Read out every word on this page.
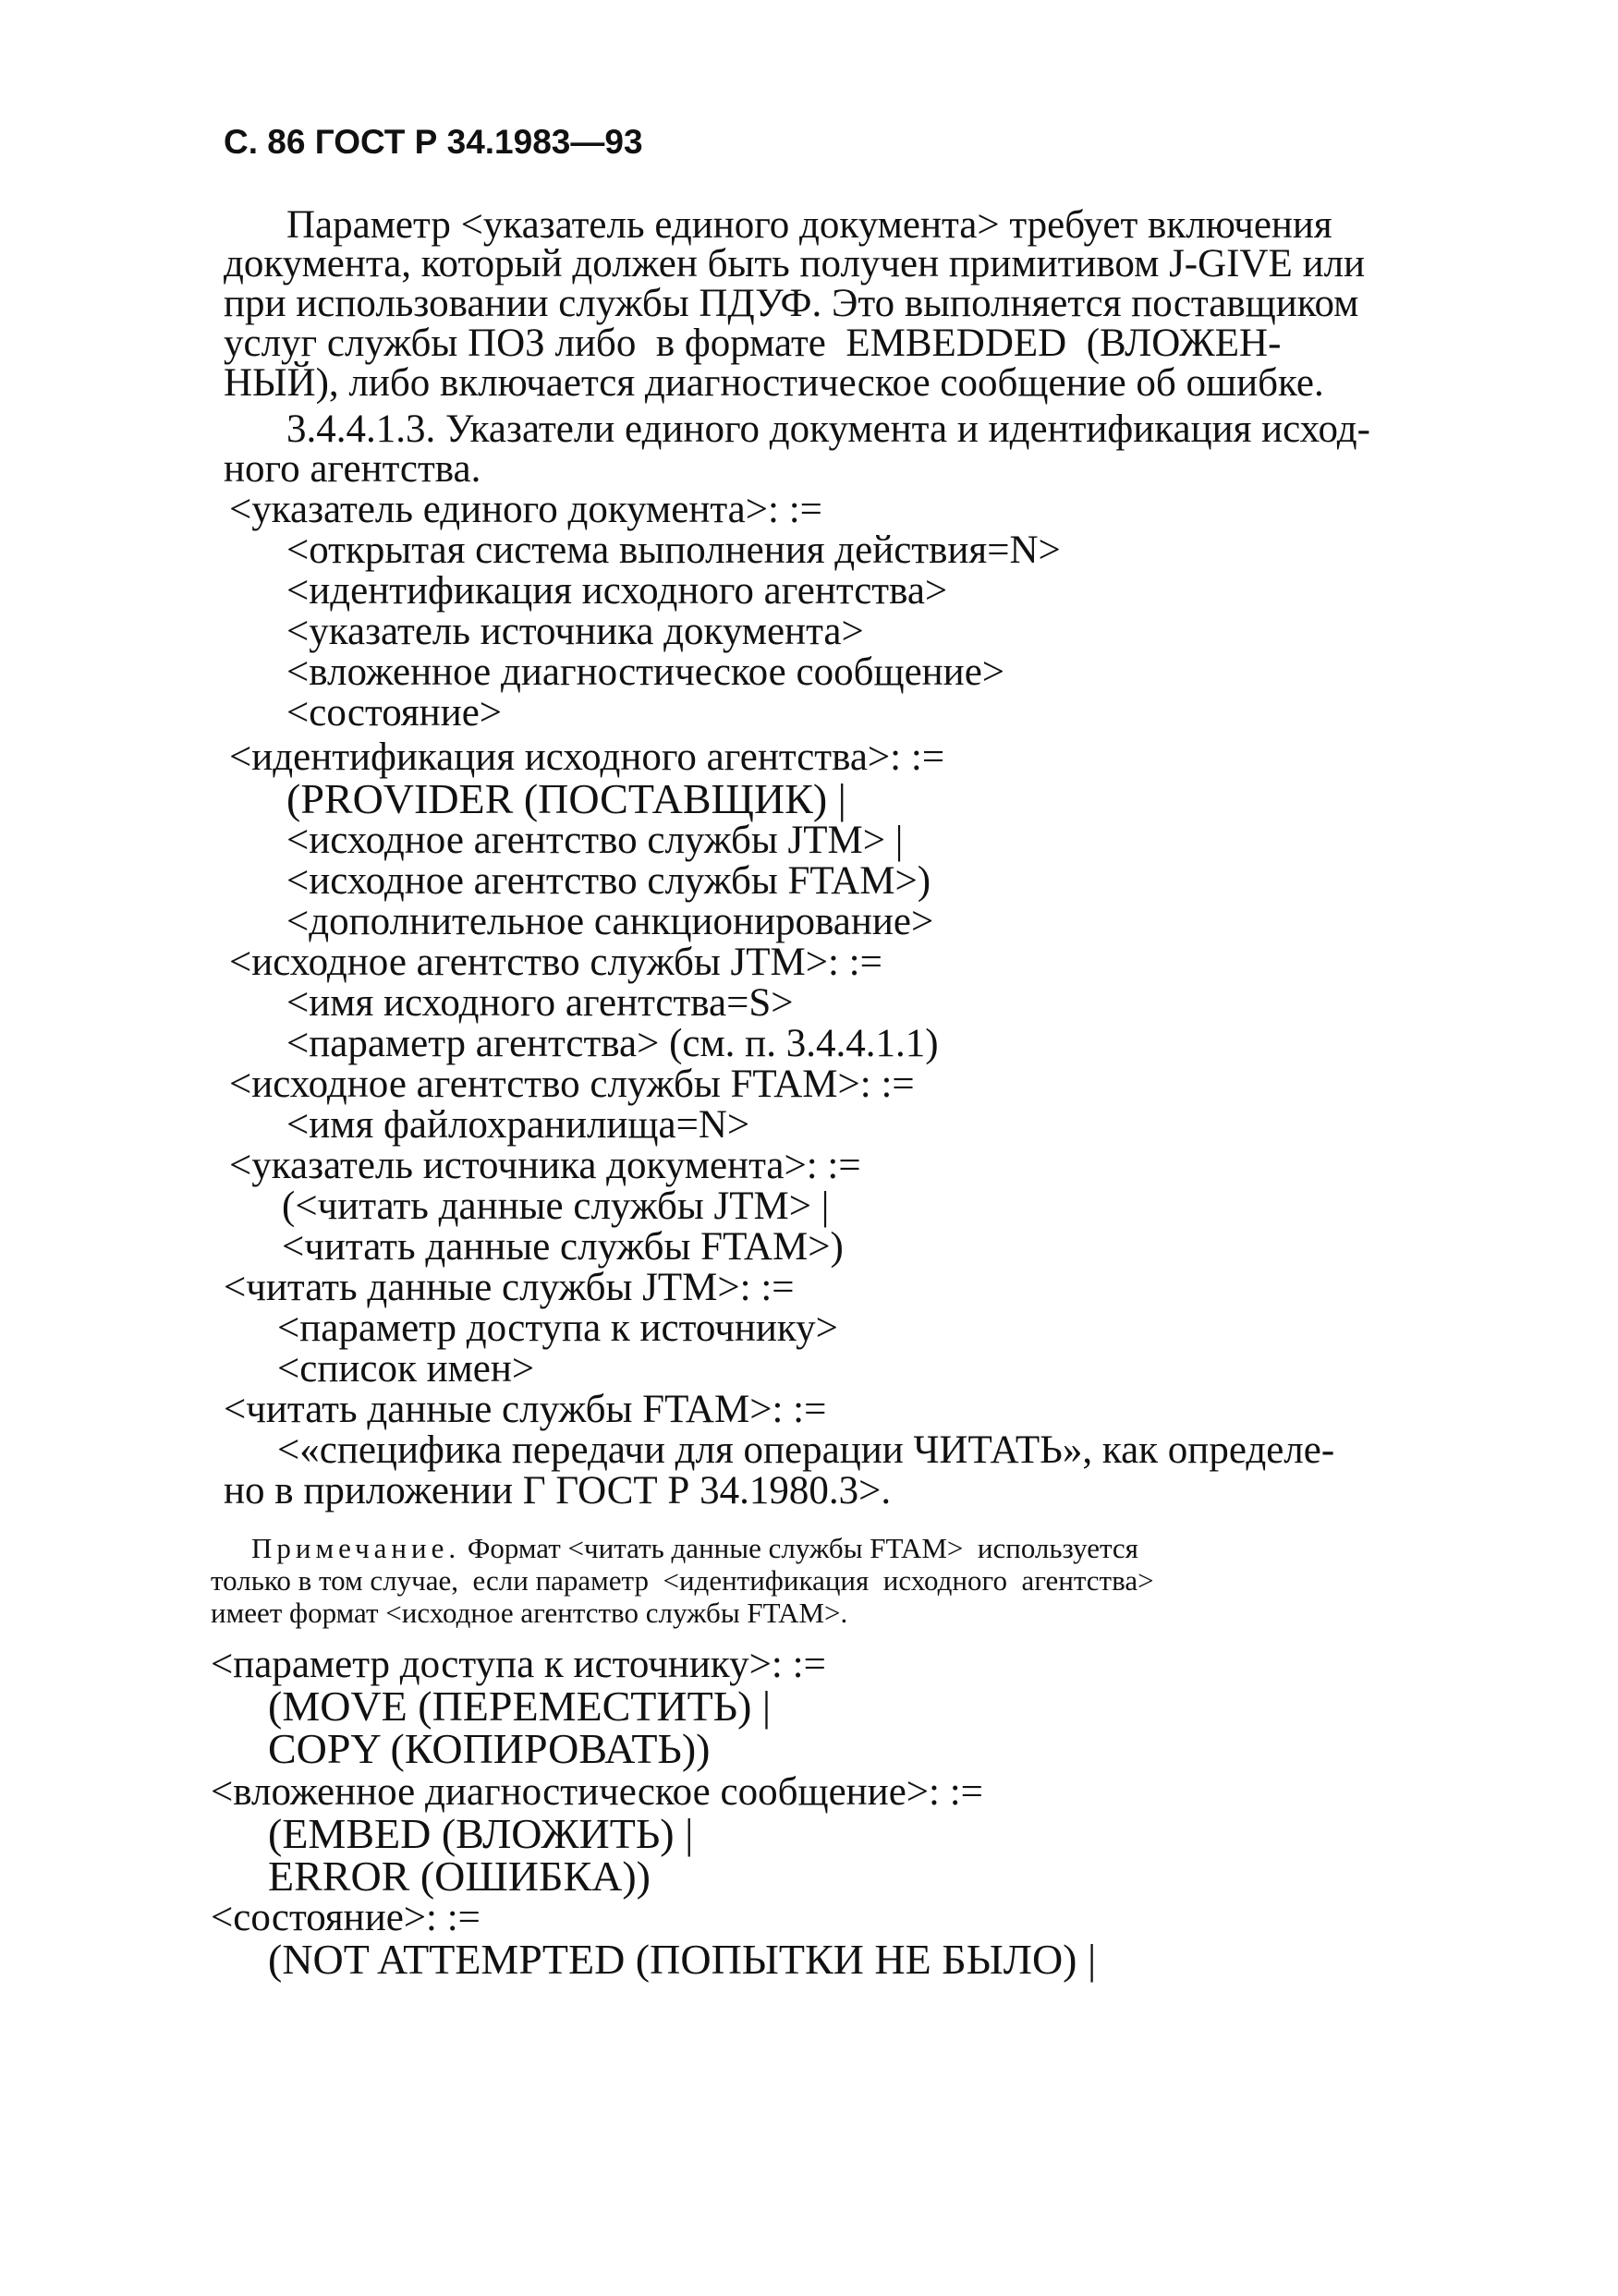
С. 86 ГОСТ Р 34.1983—93
Параметр <указатель единого документа> требует включения
документа, который должен быть получен примитивом J-GIVE или
при использовании службы ПДУФ. Это выполняется поставщиком
услуг службы ПОЗ либо  в формате  EMBEDDED  (ВЛОЖЕН-
НЫЙ), либо включается диагностическое сообщение об ошибке.
3.4.4.1.3. Указатели единого документа и идентификация исход-
ного агентства.
<указатель единого документа>: :=
<открытая система выполнения действия=N>
<идентификация исходного агентства>
<указатель источника документа>
<вложенное диагностическое сообщение>
<состояние>
<идентификация исходного агентства>: :=
(PROVIDER (ПОСТАВЩИК) |
<исходное агентство службы JTM> |
<исходное агентство службы FTAM>)
<дополнительное санкционирование>
<исходное агентство службы JTM>: :=
<имя исходного агентства=S>
<параметр агентства> (см. п. 3.4.4.1.1)
<исходное агентство службы FTAM>: :=
<имя файлохранилища=N>
<указатель источника документа>: :=
(<читать данные службы JTM> |
<читать данные службы FTAM>)
<читать данные службы JTM>: :=
<параметр доступа к источнику>
<список имен>
<читать данные службы FTAM>: :=
<«специфика передачи для операции ЧИТАТЬ», как определе-
но в приложении Г ГОСТ Р 34.1980.3>.
Примечание. Формат <читать данные службы FTAM>  используется
только в том случае,  если параметр  <идентификация  исходного  агентства>
имеет формат <исходное агентство службы FTAM>.
<параметр доступа к источнику>: :=
(MOVE (ПЕРЕМЕСТИТЬ) |
COPY (КОПИРОВАТЬ))
<вложенное диагностическое сообщение>: :=
(EMBED (ВЛОЖИТЬ) |
ERROR (ОШИБКА))
<состояние>: :=
(NOT ATTEMPTED (ПОПЫТКИ НЕ БЫЛО) |
